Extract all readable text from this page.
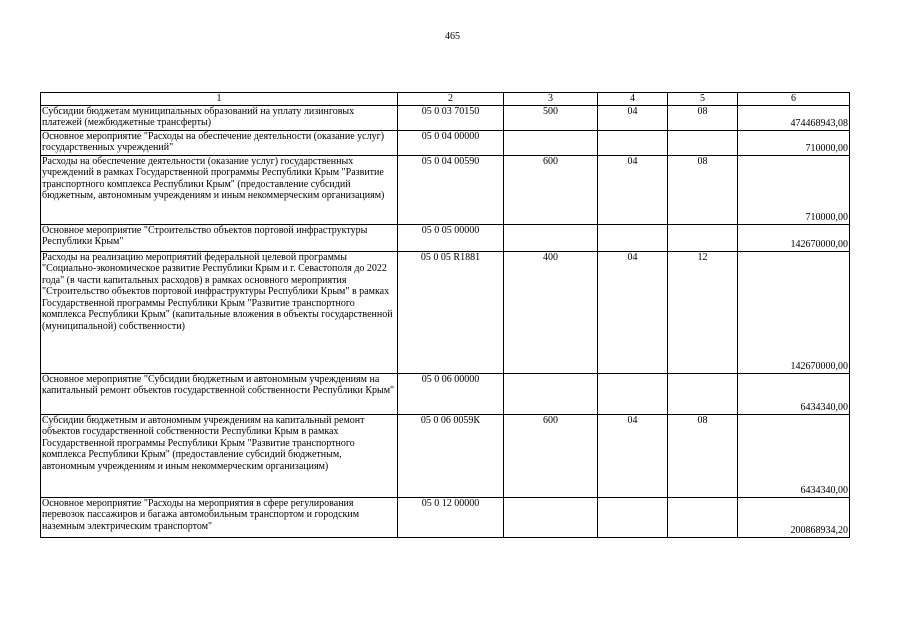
465
1	2	3	4	5	6
Субсидии бюджетам муниципальных образований на уплату лизинговых платежей (межбюджетные трансферты)	05 0 03 70150	500	04	08	474468943,08
Основное мероприятие "Расходы на обеспечение деятельности (оказание услуг) государственных учреждений"	05 0 04 00000				710000,00
Расходы на обеспечение деятельности (оказание услуг) государственных учреждений в рамках Государственной программы Республики Крым "Развитие транспортного комплекса Республики Крым" (предоставление субсидий бюджетным, автономным учреждениям и иным некоммерческим организациям)	05 0 04 00590	600	04	08	710000,00
Основное мероприятие "Строительство объектов портовой инфраструктуры Республики Крым"	05 0 05 00000				142670000,00
Расходы на реализацию мероприятий федеральной целевой программы "Социально-экономическое развитие Республики Крым и г. Севастополя до 2022 года" (в части капитальных расходов) в рамках основного мероприятия "Строительство объектов портовой инфраструктуры Республики Крым" в рамках Государственной программы Республики Крым "Развитие транспортного комплекса Республики Крым" (капитальные вложения в объекты государственной (муниципальной) собственности)	05 0 05 R1881	400	04	12	142670000,00
Основное мероприятие "Субсидии бюджетным и автономным учреждениям на капитальный ремонт объектов государственной собственности Республики Крым"	05 0 06 00000				6434340,00
Субсидии бюджетным и автономным учреждениям на капитальный ремонт объектов государственной собственности Республики Крым в рамках Государственной программы Республики Крым "Развитие транспортного комплекса Республики Крым" (предоставление субсидий бюджетным, автономным учреждениям и иным некоммерческим организациям)	05 0 06 0059К	600	04	08	6434340,00
Основное мероприятие "Расходы на мероприятия в сфере регулирования перевозок пассажиров и багажа автомобильным транспортом и городским наземным электрическим транспортом"	05 0 12 00000				200868934,20
